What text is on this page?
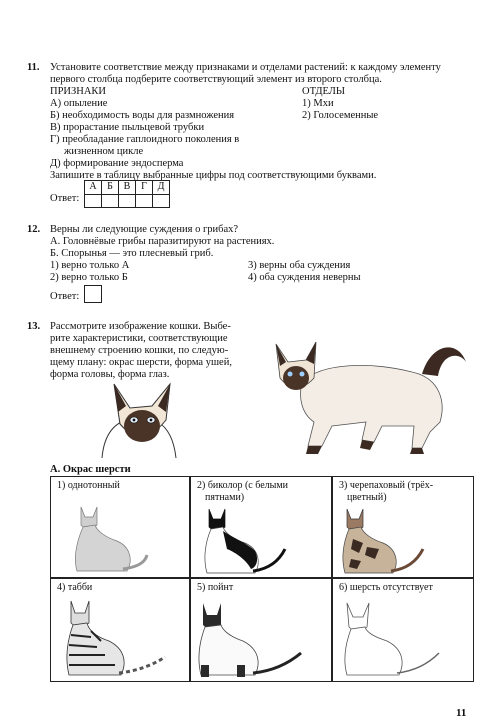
11. Установите соответствие между признаками и отделами растений: к каждому элементу
первого столбца подберите соответствующий элемент из второго столбца.
ПРИЗНАКИ	ОТДЕЛЫ
А) опыление
Б) необходимость воды для размножения
В) прорастание пыльцевой трубки
Г) преобладание гаплоидного поколения в
жизненном цикле
Д) формирование эндосперма
1) Мхи
2) Голосеменные
Запишите в таблицу выбранные цифры под соответствующими буквами.
Ответ:
А	Б	В	Г	Д

12. Верны ли следующие суждения о грибах?
А. Головнёвые грибы паразитируют на растениях.
Б. Спорынья — это плесневый гриб.
1) верно только А
2) верно только Б
3) верны оба суждения
4) оба суждения неверны
Ответ:
13. Рассмотрите изображение кошки. Выбе-
рите характеристики, соответствующие
внешнему строению кошки, по следую-
щему плану: окрас шерсти, форма ушей,
форма головы, форма глаз.
А. Окрас шерсти
1) однотонный	2) биколор (с белыми
пятнами)
3) черепаховый (трёх-
цветный)
4) табби	5) пойнт	6) шерсть отсутствует
11
